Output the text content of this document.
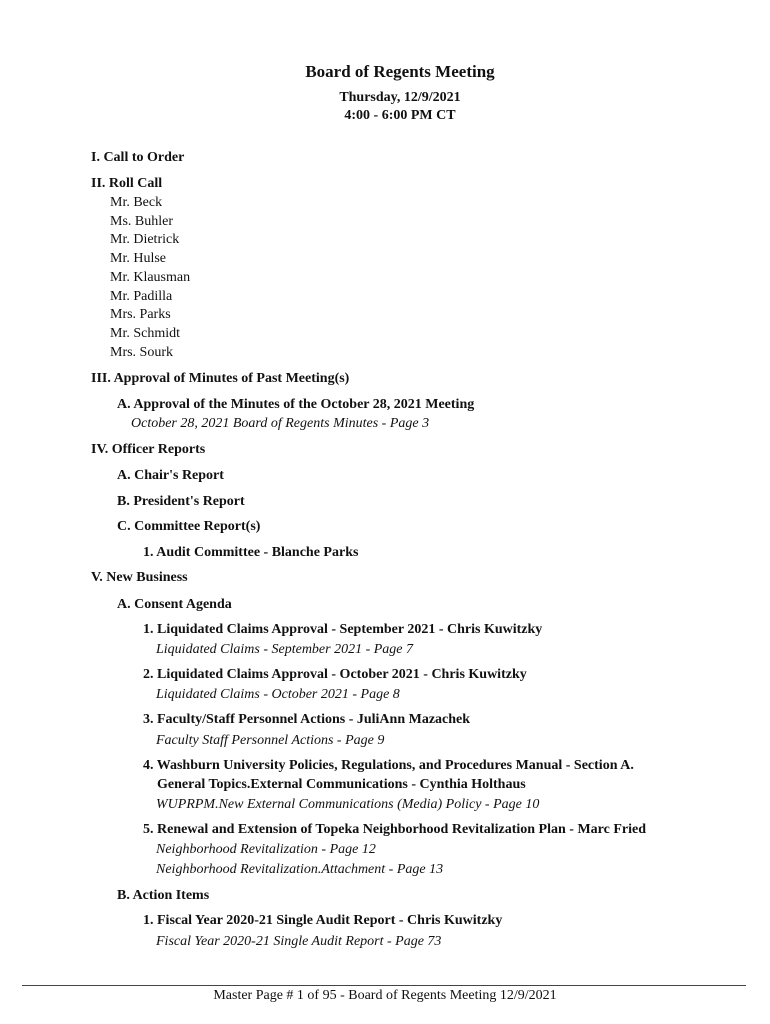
Board of Regents Meeting
Thursday, 12/9/2021
4:00 - 6:00 PM CT
I. Call to Order
II. Roll Call
Mr. Beck
Ms. Buhler
Mr. Dietrick
Mr. Hulse
Mr. Klausman
Mr. Padilla
Mrs. Parks
Mr. Schmidt
Mrs. Sourk
III. Approval of Minutes of Past Meeting(s)
A. Approval of the Minutes of the October 28, 2021 Meeting
October 28, 2021 Board of Regents Minutes - Page 3
IV. Officer Reports
A. Chair's Report
B. President's Report
C. Committee Report(s)
1. Audit Committee - Blanche Parks
V. New Business
A. Consent Agenda
1. Liquidated Claims Approval - September 2021 - Chris Kuwitzky
Liquidated Claims - September 2021 - Page 7
2. Liquidated Claims Approval - October 2021 - Chris Kuwitzky
Liquidated Claims - October 2021 - Page 8
3. Faculty/Staff Personnel Actions - JuliAnn Mazachek
Faculty Staff Personnel Actions - Page 9
4. Washburn University Policies, Regulations, and Procedures Manual - Section A.
General Topics.External Communications - Cynthia Holthaus
WUPRPM.New External Communications (Media) Policy - Page 10
5. Renewal and Extension of Topeka Neighborhood Revitalization Plan - Marc Fried
Neighborhood Revitalization - Page 12
Neighborhood Revitalization.Attachment - Page 13
B. Action Items
1. Fiscal Year 2020-21 Single Audit Report - Chris Kuwitzky
Fiscal Year 2020-21 Single Audit Report - Page 73
Master Page # 1 of 95 - Board of Regents Meeting 12/9/2021
